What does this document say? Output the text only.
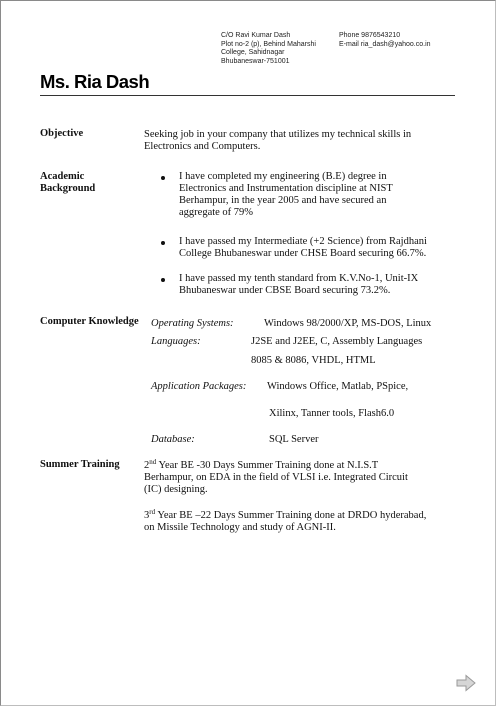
C/O Ravi Kumar Dash
Plot no-2 (p), Behind Maharshi
College, Sahidnagar
Bhubaneswar-751001
Phone 9876543210
E-mail ria_dash@yahoo.co.in
Ms. Ria Dash
Objective	Seeking job in your company that utilizes my technical skills in
Electronics and Computers.
Academic
Background
I have completed my engineering (B.E) degree in
Electronics and Instrumentation discipline at NIST
Berhampur, in the year 2005 and have secured an
aggregate of 79%
I have passed my Intermediate (+2 Science) from Rajdhani
College Bhubaneswar under CHSE Board securing 66.7%.
I have passed my tenth standard from K.V.No-1, Unit-IX
Bhubaneswar under CBSE Board securing 73.2%.
Computer Knowledge Operating Systems:	Windows 98/2000/XP, MS-DOS, Linux
Languages:	J2SE and J2EE, C, Assembly Languages
8085 & 8086, VHDL, HTML
Application Packages: Windows Office, Matlab, PSpice,
Xilinx, Tanner tools, Flash6.0
Database:	SQL Server
Summer Training 2nd Year BE -30 Days Summer Training done at N.I.S.T
Berhampur, on EDA in the field of VLSI i.e. Integrated Circuit
(IC) designing.
3rd Year BE –22 Days Summer Training done at DRDO hyderabad,
on Missile Technology and study of AGNI-II.
